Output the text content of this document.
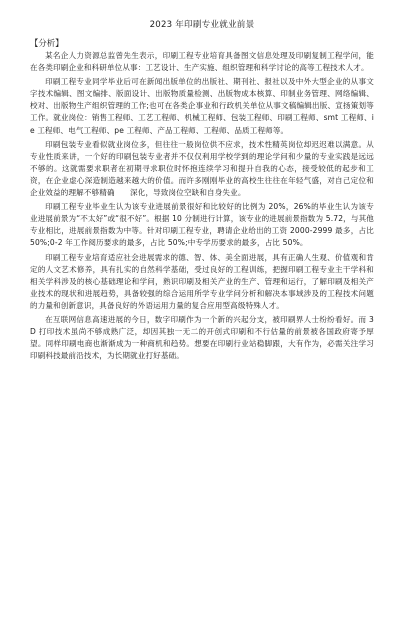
2023 年印刷专业就业前景
【分析】

某名企人力资源总监曾先生表示，印刷工程专业培育具备图文信息处理及印刷复制工程学问，能在各类印刷企业和科研单位从事：工艺设计、生产实施、组织管理和科学讨论的高等工程技术人才。

印刷工程专业同学毕业后可在新闻出版单位的出版社、期刊社、报社以及中外大型企业的从事文字技术编辑、图文编排、版面设计、出版物质量检测、出版物成本核算、印制业务管理、网络编辑、校对、出版物生产组织管理的工作;也可在各类企事业和行政机关单位从事文稿编辑出版、宣扬策划等工作。就业岗位：销售工程师、工艺工程师、机械工程师、包装工程师、印刷工程师、smt 工程师、ie 工程师、电气工程师、pe 工程师、产品工程师、工程师、品质工程师等。

印刷包装专业看似就业岗位多，但往往一般岗位供不应求，技术性精英岗位却迟迟难以满意。从专业性质来讲，一个好的印刷包装专业者并不仅仅利用学校学到的理论学问和少量的专业实践是远远不够的。这就需要求职者在初期寻求职位时怀抱连续学习和提升自我的心态，接受较低的起步和工资，在企业虚心深造制造越来越大的价值。而许多刚刚毕业的高校生往往在年轻气盛，对自己定位和企业效益的理解不够精确　　深化，导致岗位空缺和自身失业。

印刷工程专业毕业生认为该专业进展前景很好和比较好的比例为 20%，26%的毕业生认为该专业进展前景为“不太好”或“很不好”。根据 10 分制进行计算，该专业的进展前景指数为 5.72，与其他专业相比，进展前景指数为中等。针对印刷工程专业，聘请企业给出的工资 2000-2999 最多，占比 50%;0-2 年工作阅历要求的最多，占比 50%;中专学历要求的最多，占比 50%。

印刷工程专业培育适应社会进展需求的德、智、体、美全面进展，具有正确人生观、价值观和肯定的人文艺术修养，具有扎实的自然科学基础，受过良好的工程训练，把握印刷工程专业主干学科和相关学科涉及的核心基础理论和学问，熟识印刷及相关产业的生产、管理和运行，了解印刷及相关产业技术的现状和进展趋势，具备较强的综合运用所学专业学问分析和解决本事域涉及的工程技术问题的力量和创新意识，具备良好的外语运用力量的复合应用型高级特殊人才。

在互联网信息高速进展的今日，数字印刷作为一个新的兴起分支，被印刷界人士纷纷看好。而 3D 打印技术虽尚不够成熟广泛，却因其独一无二的开创式印刷和不行估量的前景被各国政府寄予厚望。同样印刷电商也渐渐成为一种商机和趋势。想要在印刷行业站稳脚跟，大有作为，必需关注学习印刷科技最前沿技术，为长期就业打好基础。
